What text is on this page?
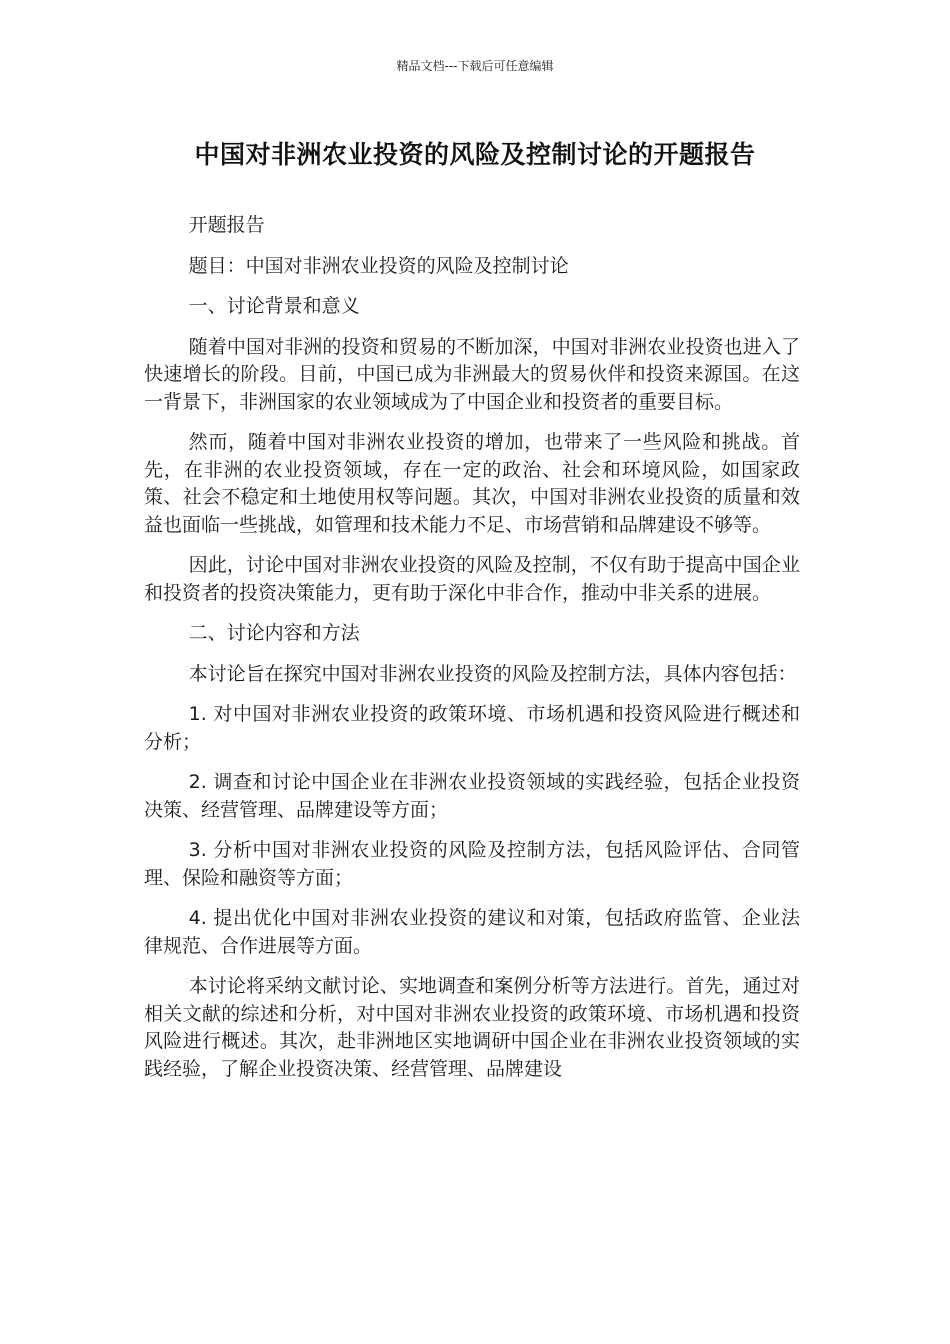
精品文档---下载后可任意编辑
中国对非洲农业投资的风险及控制讨论的开题报告

开题报告

题目：中国对非洲农业投资的风险及控制讨论

一、讨论背景和意义

随着中国对非洲的投资和贸易的不断加深，中国对非洲农业投资也进入了快速增长的阶段。目前，中国已成为非洲最大的贸易伙伴和投资来源国。在这一背景下，非洲国家的农业领域成为了中国企业和投资者的重要目标。

然而，随着中国对非洲农业投资的增加，也带来了一些风险和挑战。首先，在非洲的农业投资领域，存在一定的政治、社会和环境风险，如国家政策、社会不稳定和土地使用权等问题。其次，中国对非洲农业投资的质量和效益也面临一些挑战，如管理和技术能力不足、市场营销和品牌建设不够等。

因此，讨论中国对非洲农业投资的风险及控制，不仅有助于提高中国企业和投资者的投资决策能力，更有助于深化中非合作，推动中非关系的进展。

二、讨论内容和方法

本讨论旨在探究中国对非洲农业投资的风险及控制方法，具体内容包括：

1. 对中国对非洲农业投资的政策环境、市场机遇和投资风险进行概述和分析；

2. 调查和讨论中国企业在非洲农业投资领域的实践经验，包括企业投资决策、经营管理、品牌建设等方面；

3. 分析中国对非洲农业投资的风险及控制方法，包括风险评估、合同管理、保险和融资等方面；

4. 提出优化中国对非洲农业投资的建议和对策，包括政府监管、企业法律规范、合作进展等方面。

本讨论将采纳文献讨论、实地调查和案例分析等方法进行。首先，通过对相关文献的综述和分析，对中国对非洲农业投资的政策环境、市场机遇和投资风险进行概述。其次，赴非洲地区实地调研中国企业在非洲农业投资领域的实践经验，了解企业投资决策、经营管理、品牌建设
